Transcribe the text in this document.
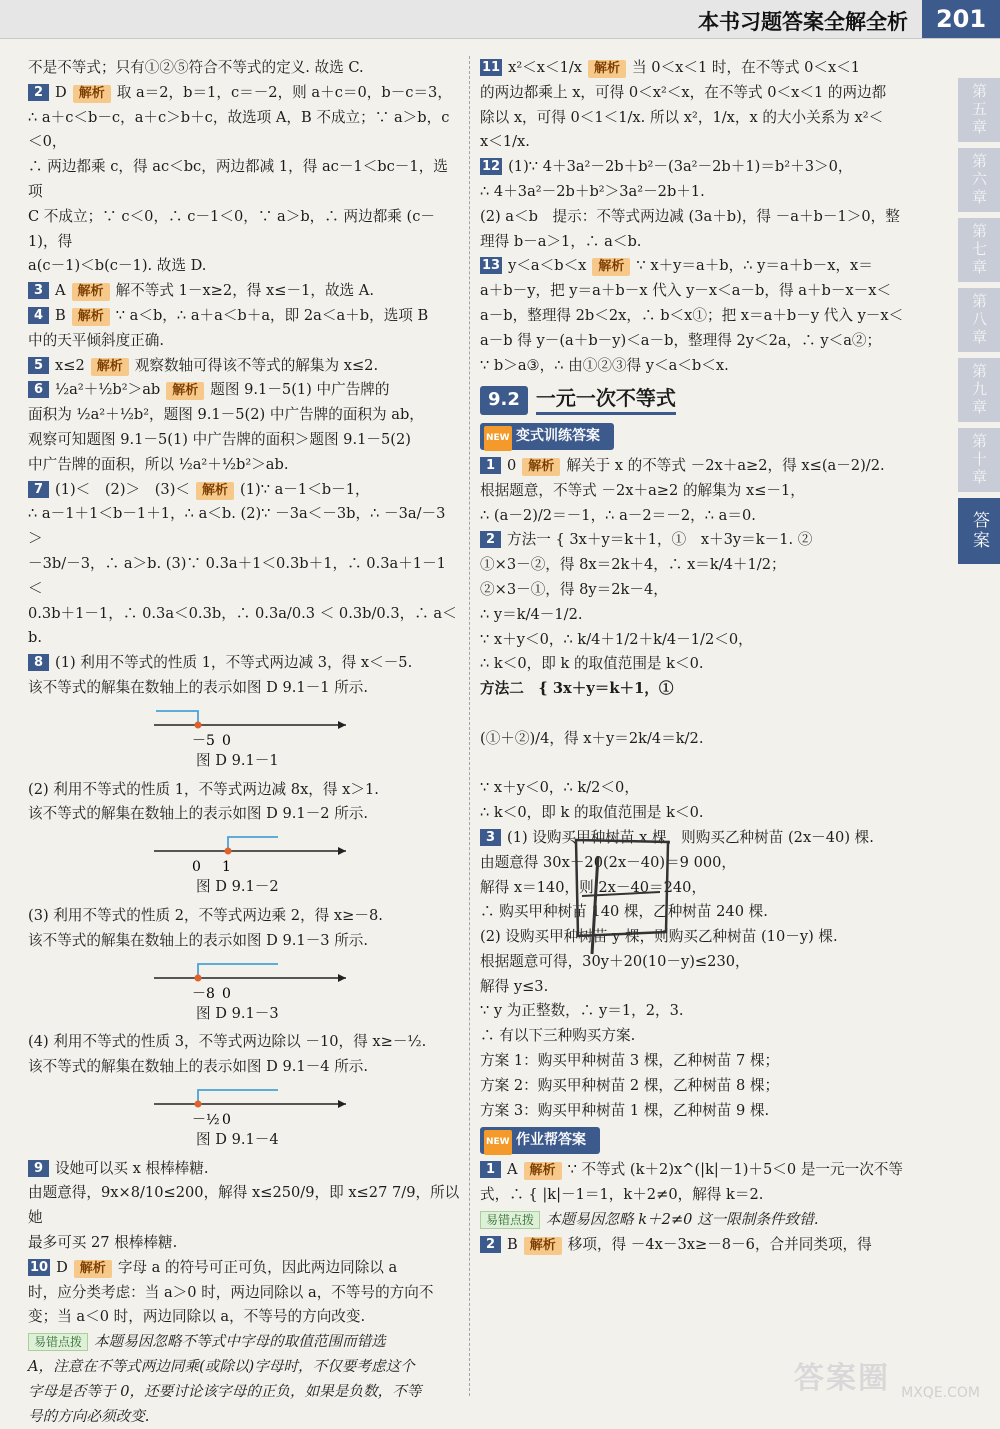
本书习题答案全解全析	201
第五章
第六章
第七章
第八章
第九章
第十章
答案

不是不等式；只有①②⑤符合不等式的定义. 故选 C.

2 D 解析 取 a＝2，b＝1，c＝－2，则 a＋c＝0，b－c＝3，

∴ a＋c＜b－c，a＋c＞b＋c，故选项 A，B 不成立；∵ a＞b，c＜0，

∴ 两边都乘 c，得 ac＜bc，两边都减 1，得 ac－1＜bc－1，选项

C 不成立；∵ c＜0，∴ c－1＜0，∵ a＞b，∴ 两边都乘 (c－1)，得

a(c－1)＜b(c－1). 故选 D.

3 A 解析 解不等式 1－x≥2，得 x≤－1，故选 A.

4 B 解析 ∵ a＜b，∴ a＋a＜b＋a，即 2a＜a＋b，选项 B

中的天平倾斜度正确.

5 x≤2 解析 观察数轴可得该不等式的解集为 x≤2.

6 ½a²＋½b²＞ab 解析 题图 9.1－5(1) 中广告牌的

面积为 ½a²＋½b²，题图 9.1－5(2) 中广告牌的面积为 ab，

观察可知题图 9.1－5(1) 中广告牌的面积＞题图 9.1－5(2)

中广告牌的面积，所以 ½a²＋½b²＞ab.

7 (1)＜　(2)＞　(3)＜ 解析 (1)∵ a－1＜b－1，

∴ a－1＋1＜b－1＋1，∴ a＜b. (2)∵ －3a＜－3b，∴ －3a/－3 ＞

－3b/－3，∴ a＞b. (3)∵ 0.3a＋1＜0.3b＋1，∴ 0.3a＋1－1＜

0.3b＋1－1，∴ 0.3a＜0.3b，∴ 0.3a/0.3 ＜ 0.3b/0.3，∴ a＜b.

8 (1) 利用不等式的性质 1，不等式两边减 3，得 x＜－5.

该不等式的解集在数轴上的表示如图 D 9.1－1 所示.

－5 0

图 D 9.1－1

(2) 利用不等式的性质 1，不等式两边减 8x，得 x＞1.

该不等式的解集在数轴上的表示如图 D 9.1－2 所示.

0 1

图 D 9.1－2

(3) 利用不等式的性质 2，不等式两边乘 2，得 x≥－8.

该不等式的解集在数轴上的表示如图 D 9.1－3 所示.

－8 0

图 D 9.1－3

(4) 利用不等式的性质 3，不等式两边除以 －10，得 x≥－½.

该不等式的解集在数轴上的表示如图 D 9.1－4 所示.

－½ 0

图 D 9.1－4

9 设她可以买 x 根棒棒糖.

由题意得，9x×8/10≤200，解得 x≤250/9，即 x≤27 7/9，所以她

最多可买 27 根棒棒糖.

10 D 解析 字母 a 的符号可正可负，因此两边同除以 a

时，应分类考虑：当 a＞0 时，两边同除以 a，不等号的方向不

变；当 a＜0 时，两边同除以 a，不等号的方向改变.

易错点拨 本题易因忽略不等式中字母的取值范围而错选

A，注意在不等式两边同乘(或除以)字母时，不仅要考虑这个

字母是否等于 0，还要讨论该字母的正负，如果是负数，不等

号的方向必须改变.

11 x²＜x＜1/x 解析 当 0＜x＜1 时，在不等式 0＜x＜1

的两边都乘上 x，可得 0＜x²＜x，在不等式 0＜x＜1 的两边都

除以 x，可得 0＜1＜1/x. 所以 x²，1/x，x 的大小关系为 x²＜

x＜1/x.

12 (1)∵ 4＋3a²－2b＋b²－(3a²－2b＋1)＝b²＋3＞0，

∴ 4＋3a²－2b＋b²＞3a²－2b＋1.

(2) a＜b　提示：不等式两边减 (3a＋b)，得 －a＋b－1＞0，整

理得 b－a＞1，∴ a＜b.

13 y＜a＜b＜x 解析 ∵ x＋y＝a＋b，∴ y＝a＋b－x，x＝

a＋b－y，把 y＝a＋b－x 代入 y－x＜a－b，得 a＋b－x－x＜

a－b，整理得 2b＜2x，∴ b＜x①；把 x＝a＋b－y 代入 y－x＜

a－b 得 y－(a＋b－y)＜a－b，整理得 2y＜2a，∴ y＜a②；

∵ b＞a③，∴ 由①②③得 y＜a＜b＜x.

9.2 一元一次不等式
NEW 变式训练答案

1 0 解析 解关于 x 的不等式 －2x＋a≥2，得 x≤(a－2)/2.

根据题意，不等式 －2x＋a≥2 的解集为 x≤－1，

∴ (a－2)/2＝－1，∴ a－2＝－2，∴ a＝0.

2 方法一 { 3x＋y＝k＋1，①　x＋3y＝k－1. ②

①×3－②，得 8x＝2k＋4，∴ x＝k/4＋1/2；

②×3－①，得 8y＝2k－4，

∴ y＝k/4－1/2.

∵ x＋y＜0，∴ k/4＋1/2＋k/4－1/2＜0，

∴ k＜0，即 k 的取值范围是 k＜0.

方法二　{ 3x＋y＝k＋1，①

(①＋②)/4，得 x＋y＝2k/4＝k/2.

∵ x＋y＜0，∴ k/2＜0，

∴ k＜0，即 k 的取值范围是 k＜0.

3 (1) 设购买甲种树苗 x 棵，则购买乙种树苗 (2x－40) 棵.

由题意得 30x＋20(2x－40)＝9 000，

解得 x＝140，则 2x－40＝240，

∴ 购买甲种树苗 140 棵，乙种树苗 240 棵.

(2) 设购买甲种树苗 y 棵，则购买乙种树苗 (10－y) 棵.

根据题意可得，30y＋20(10－y)≤230，

解得 y≤3.

∵ y 为正整数，∴ y＝1，2，3.

∴ 有以下三种购买方案.

方案 1：购买甲种树苗 3 棵，乙种树苗 7 棵；

方案 2：购买甲种树苗 2 棵，乙种树苗 8 棵；

方案 3：购买甲种树苗 1 棵，乙种树苗 9 棵.

NEW 作业帮答案

1 A 解析 ∵ 不等式 (k＋2)x^(|k|－1)＋5＜0 是一元一次不等

式，∴ { |k|－1＝1，k＋2≠0，解得 k＝2.

易错点拨 本题易因忽略 k＋2≠0 这一限制条件致错.

2 B 解析 移项，得 －4x－3x≥－8－6，合并同类项，得

答案圈 MXQE.COM
